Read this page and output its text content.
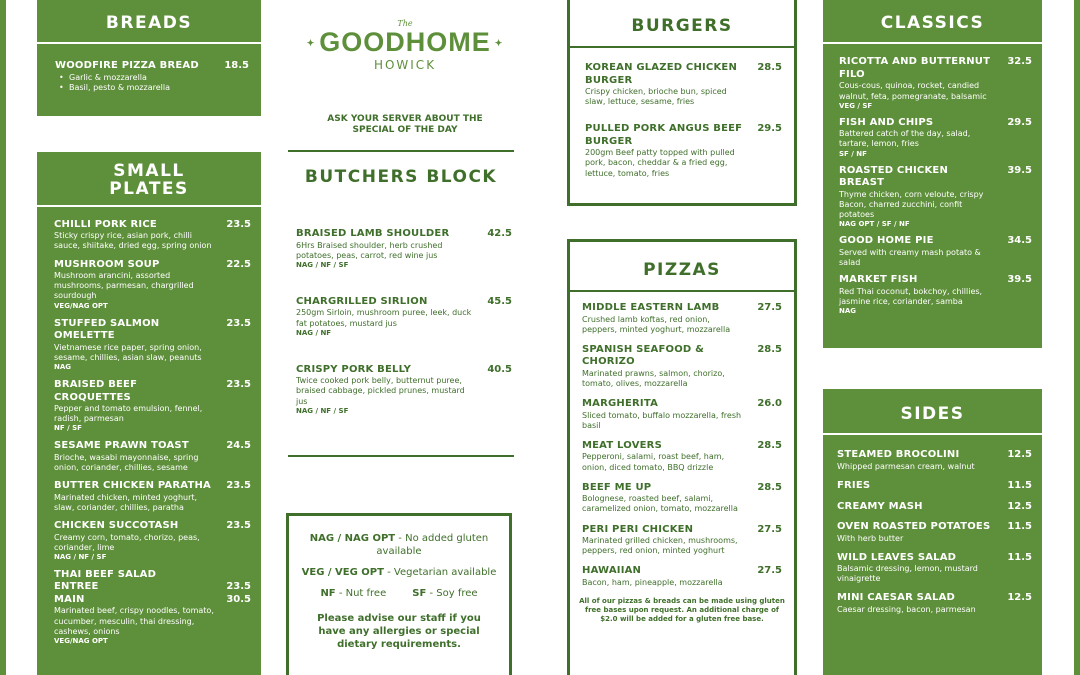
BREADS
WOODFIRE PIZZA BREAD	18.5
• Garlic & mozzarella
• Basil, pesto & mozzarella
SMALL PLATES
CHILLI PORK RICE	23.5
Sticky crispy rice, asian pork, chilli sauce, shiitake, dried egg, spring onion
MUSHROOM SOUP	22.5
Mushroom arancini, assorted mushrooms, parmesan, chargrilled sourdough
VEG/NAG OPT
STUFFED SALMON OMELETTE
23.5
Vietnamese rice paper, spring onion, sesame, chillies, asian slaw, peanuts
NAG
BRAISED BEEF CROQUETTES
23.5
Pepper and tomato emulsion, fennel, radish, parmesan
NF / SF
SESAME PRAWN TOAST	24.5
Brioche, wasabi mayonnaise, spring onion, coriander, chillies, sesame
BUTTER CHICKEN PARATHA	23.5
Marinated chicken, minted yoghurt, slaw, coriander, chillies, paratha
CHICKEN SUCCOTASH	23.5
Creamy corn, tomato, chorizo, peas, coriander, lime
NAG / NF / SF
THAI BEEF SALAD
ENTREE	23.5
MAIN	30.5
Marinated beef, crispy noodles, tomato, cucumber, mesculin, thai dressing, cashews, onions
VEG/NAG OPT
The
✦ GOODHOME ✦
HOWICK
ASK YOUR SERVER ABOUT THE SPECIAL OF THE DAY
BUTCHERS BLOCK
BRAISED LAMB SHOULDER	42.5
6Hrs Braised shoulder, herb crushed potatoes, peas, carrot, red wine jus
NAG / NF / SF
CHARGRILLED SIRLION	45.5
250gm Sirloin, mushroom puree, leek, duck fat potatoes, mustard jus
NAG / NF
CRISPY PORK BELLY	40.5
Twice cooked pork belly, butternut puree, braised cabbage, pickled prunes, mustard jus
NAG / NF / SF
NAG / NAG OPT - No added gluten available
VEG / VEG OPT - Vegetarian available
NF - Nut free	SF - Soy free
Please advise our staff if you have any allergies or special dietary requirements.
BURGERS
KOREAN GLAZED CHICKEN BURGER
28.5
Crispy chicken, brioche bun, spiced slaw, lettuce, sesame, fries
PULLED PORK ANGUS BEEF BURGER
29.5
200gm Beef patty topped with pulled pork, bacon, cheddar & a fried egg, lettuce, tomato, fries
PIZZAS
MIDDLE EASTERN LAMB	27.5
Crushed lamb koftas, red onion, peppers, minted yoghurt, mozzarella
SPANISH SEAFOOD & CHORIZO
28.5
Marinated prawns, salmon, chorizo, tomato, olives, mozzarella
MARGHERITA	26.0
Sliced tomato, buffalo mozzarella, fresh basil
MEAT LOVERS	28.5
Pepperoni, salami, roast beef, ham, onion, diced tomato, BBQ drizzle
BEEF ME UP	28.5
Bolognese, roasted beef, salami, caramelized onion, tomato, mozzarella
PERI PERI CHICKEN	27.5
Marinated grilled chicken, mushrooms, peppers, red onion, minted yoghurt
HAWAIIAN	27.5
Bacon, ham, pineapple, mozzarella
All of our pizzas & breads can be made using gluten free bases upon request. An additional charge of $2.0 will be added for a gluten free base.
CLASSICS
RICOTTA AND BUTTERNUT FILO
32.5
Cous-cous, quinoa, rocket, candied walnut, feta, pomegranate, balsamic
VEG / SF
FISH AND CHIPS	29.5
Battered catch of the day, salad, tartare, lemon, fries
SF / NF
ROASTED CHICKEN BREAST
39.5
Thyme chicken, corn veloute, crispy Bacon, charred zucchini, confit potatoes
NAG OPT / SF / NF
GOOD HOME PIE	34.5
Served with creamy mash potato & salad
MARKET FISH	39.5
Red Thai coconut, bokchoy, chillies, jasmine rice, coriander, samba
NAG
SIDES
STEAMED BROCOLINI	12.5
Whipped parmesan cream, walnut
FRIES	11.5
CREAMY MASH	12.5
OVEN ROASTED POTATOES	11.5
With herb butter
WILD LEAVES SALAD	11.5
Balsamic dressing, lemon, mustard vinaigrette
MINI CAESAR SALAD	12.5
Caesar dressing, bacon, parmesan
